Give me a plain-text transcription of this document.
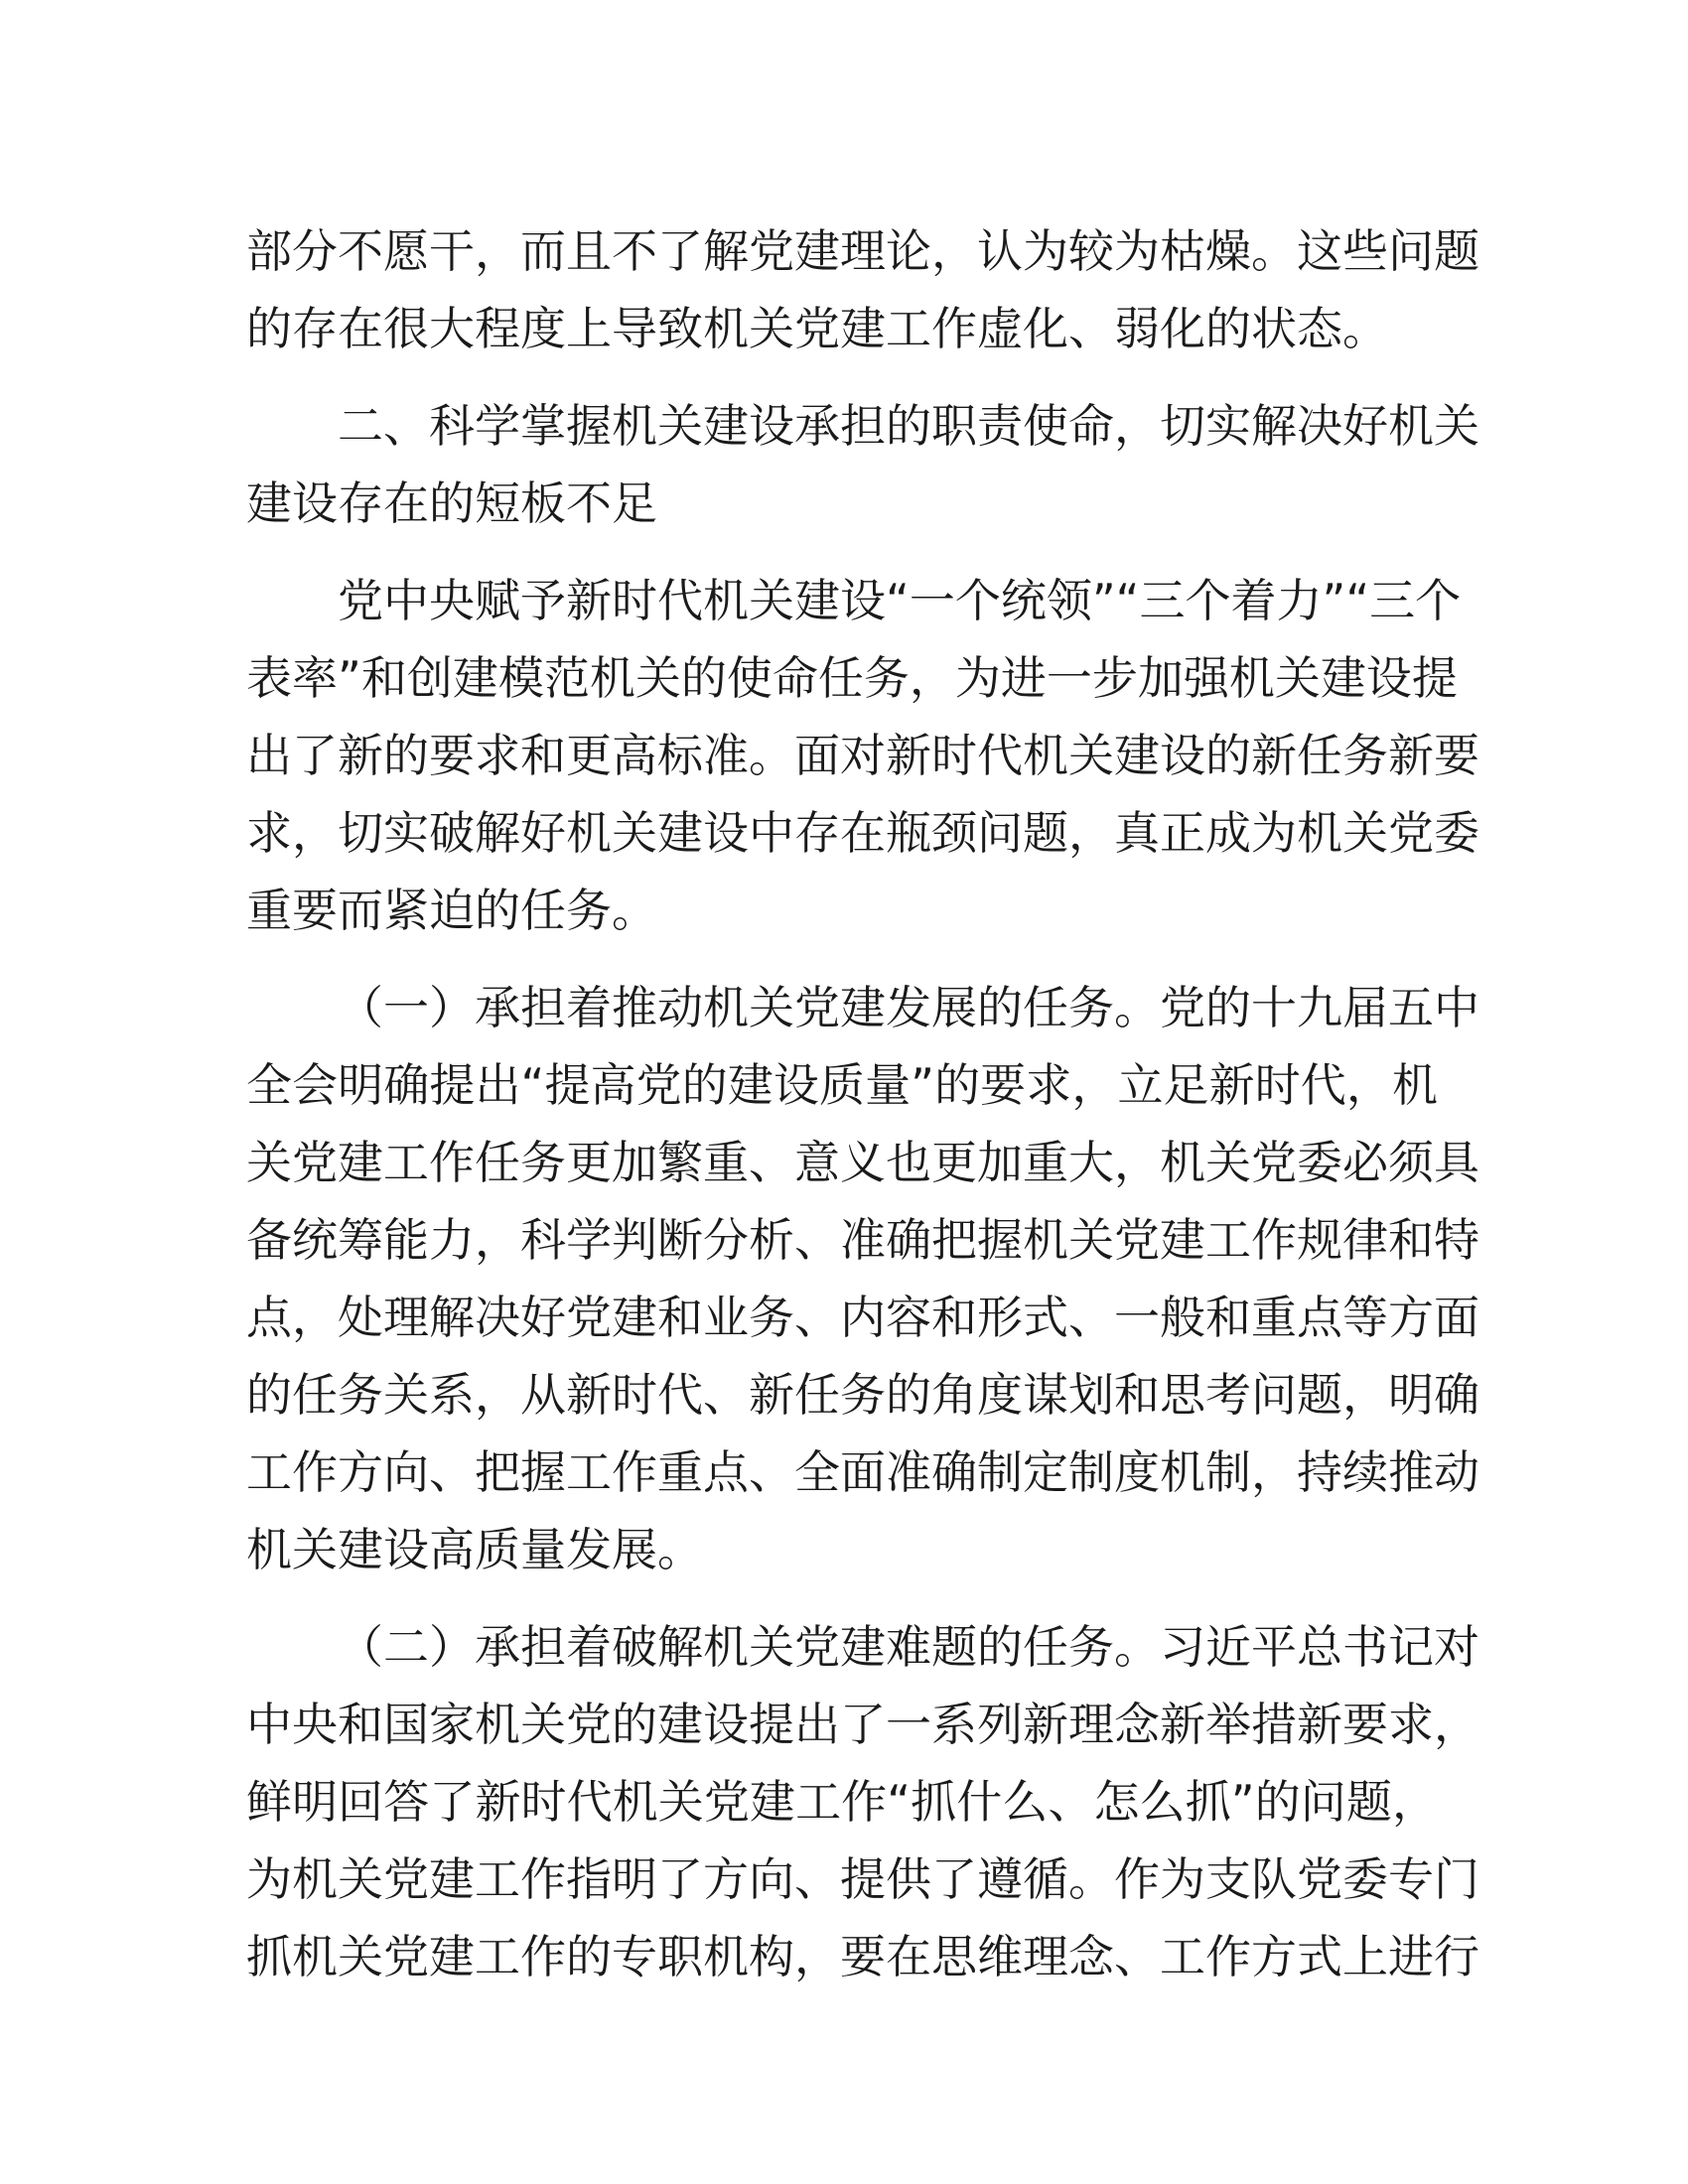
部分不愿干，而且不了解党建理论，认为较为枯燥。这些问题
的存在很大程度上导致机关党建工作虚化、弱化的状态。
二、科学掌握机关建设承担的职责使命，切实解决好机关
建设存在的短板不足
党中央赋予新时代机关建设“一个统领”“三个着力”“三个
表率”和创建模范机关的使命任务，为进一步加强机关建设提
出了新的要求和更高标准。面对新时代机关建设的新任务新要
求，切实破解好机关建设中存在瓶颈问题，真正成为机关党委
重要而紧迫的任务。
（一）承担着推动机关党建发展的任务。党的十九届五中
全会明确提出“提高党的建设质量”的要求，立足新时代，机
关党建工作任务更加繁重、意义也更加重大，机关党委必须具
备统筹能力，科学判断分析、准确把握机关党建工作规律和特
点，处理解决好党建和业务、内容和形式、一般和重点等方面
的任务关系，从新时代、新任务的角度谋划和思考问题，明确
工作方向、把握工作重点、全面准确制定制度机制，持续推动
机关建设高质量发展。
（二）承担着破解机关党建难题的任务。习近平总书记对
中央和国家机关党的建设提出了一系列新理念新举措新要求，
鲜明回答了新时代机关党建工作“抓什么、怎么抓”的问题，
为机关党建工作指明了方向、提供了遵循。作为支队党委专门
抓机关党建工作的专职机构，要在思维理念、工作方式上进行
